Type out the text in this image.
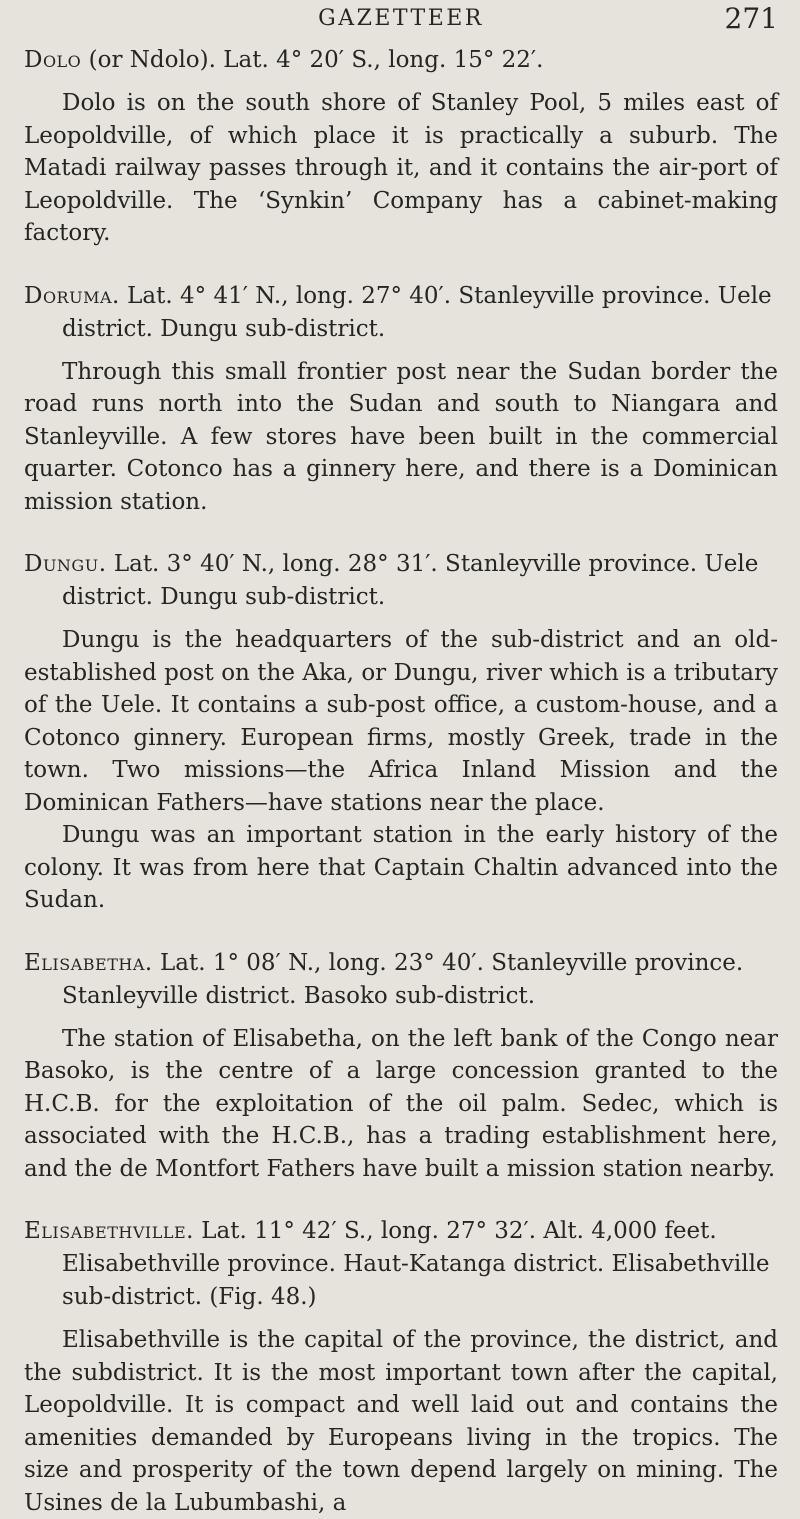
GAZETTEER	271

Dolo (or Ndolo). Lat. 4° 20′ S., long. 15° 22′.

Dolo is on the south shore of Stanley Pool, 5 miles east of Leopoldville, of which place it is practically a suburb. The Matadi railway passes through it, and it contains the air-port of Leopoldville. The ‘Synkin’ Company has a cabinet-making factory.

Doruma. Lat. 4° 41′ N., long. 27° 40′. Stanleyville province. Uele district. Dungu sub-district.

Through this small frontier post near the Sudan border the road runs north into the Sudan and south to Niangara and Stanleyville. A few stores have been built in the commercial quarter. Cotonco has a ginnery here, and there is a Dominican mission station.

Dungu. Lat. 3° 40′ N., long. 28° 31′. Stanleyville province. Uele district. Dungu sub-district.

Dungu is the headquarters of the sub-district and an old-established post on the Aka, or Dungu, river which is a tributary of the Uele. It contains a sub-post office, a custom-house, and a Cotonco ginnery. European firms, mostly Greek, trade in the town. Two missions—the Africa Inland Mission and the Dominican Fathers—have stations near the place.

Dungu was an important station in the early history of the colony. It was from here that Captain Chaltin advanced into the Sudan.

Elisabetha. Lat. 1° 08′ N., long. 23° 40′. Stanleyville province. Stanleyville district. Basoko sub-district.

The station of Elisabetha, on the left bank of the Congo near Basoko, is the centre of a large concession granted to the H.C.B. for the exploitation of the oil palm. Sedec, which is associated with the H.C.B., has a trading establishment here, and the de Montfort Fathers have built a mission station nearby.

Elisabethville. Lat. 11° 42′ S., long. 27° 32′. Alt. 4,000 feet. Elisabethville province. Haut-Katanga district. Elisabethville sub-district. (Fig. 48.)

Elisabethville is the capital of the province, the district, and the subdistrict. It is the most important town after the capital, Leopoldville. It is compact and well laid out and contains the amenities demanded by Europeans living in the tropics. The size and prosperity of the town depend largely on mining. The Usines de la Lubumbashi, a
